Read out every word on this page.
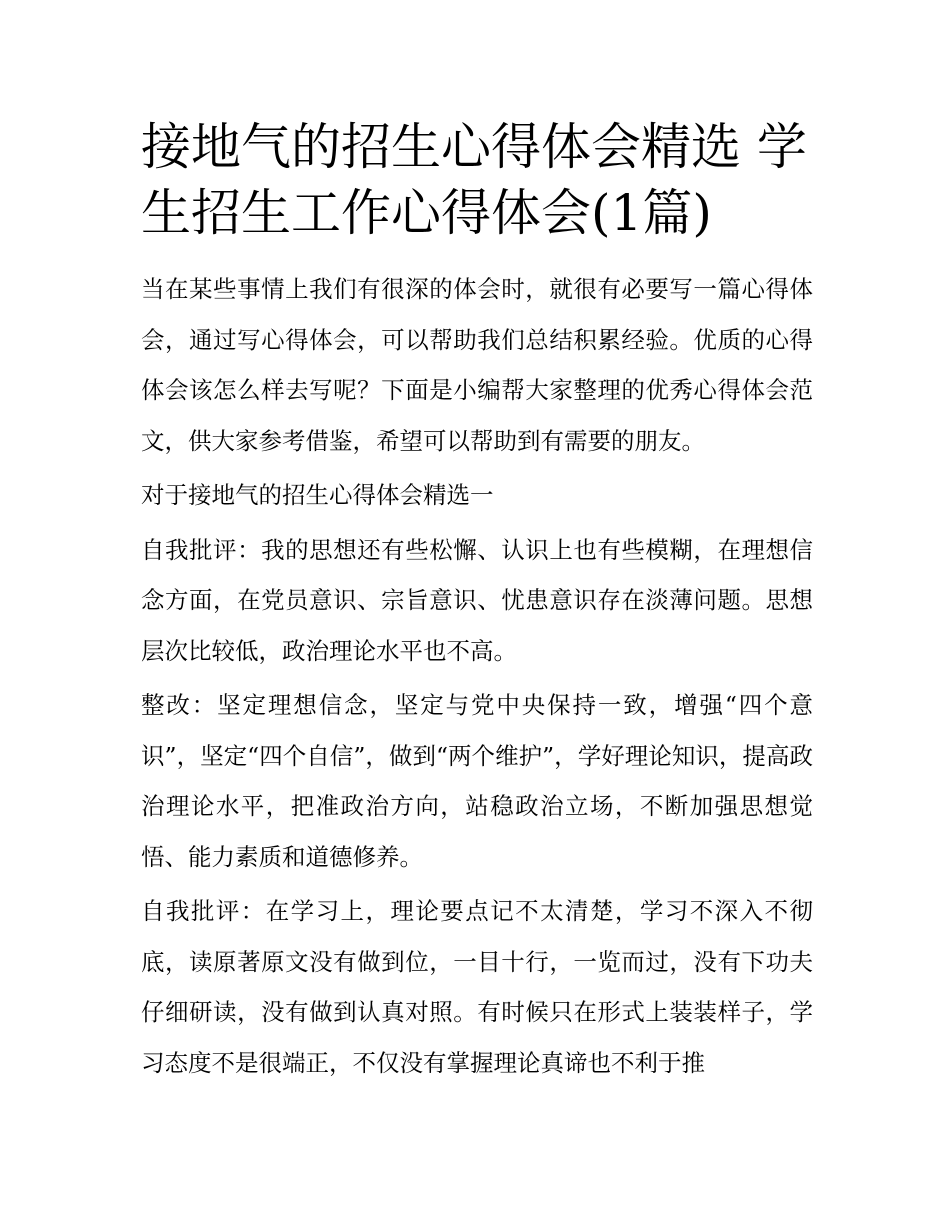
接地气的招生心得体会精选 学生招生工作心得体会(1篇)

当在某些事情上我们有很深的体会时，就很有必要写一篇心得体会，通过写心得体会，可以帮助我们总结积累经验。优质的心得体会该怎么样去写呢？下面是小编帮大家整理的优秀心得体会范文，供大家参考借鉴，希望可以帮助到有需要的朋友。

对于接地气的招生心得体会精选一

自我批评：我的思想还有些松懈、认识上也有些模糊，在理想信念方面，在党员意识、宗旨意识、忧患意识存在淡薄问题。思想层次比较低，政治理论水平也不高。

整改：坚定理想信念，坚定与党中央保持一致，增强“四个意识”，坚定“四个自信”，做到“两个维护”，学好理论知识，提高政治理论水平，把准政治方向，站稳政治立场，不断加强思想觉悟、能力素质和道德修养。

自我批评：在学习上，理论要点记不太清楚，学习不深入不彻底，读原著原文没有做到位，一目十行，一览而过，没有下功夫仔细研读，没有做到认真对照。有时候只在形式上装装样子，学习态度不是很端正，不仅没有掌握理论真谛也不利于推
